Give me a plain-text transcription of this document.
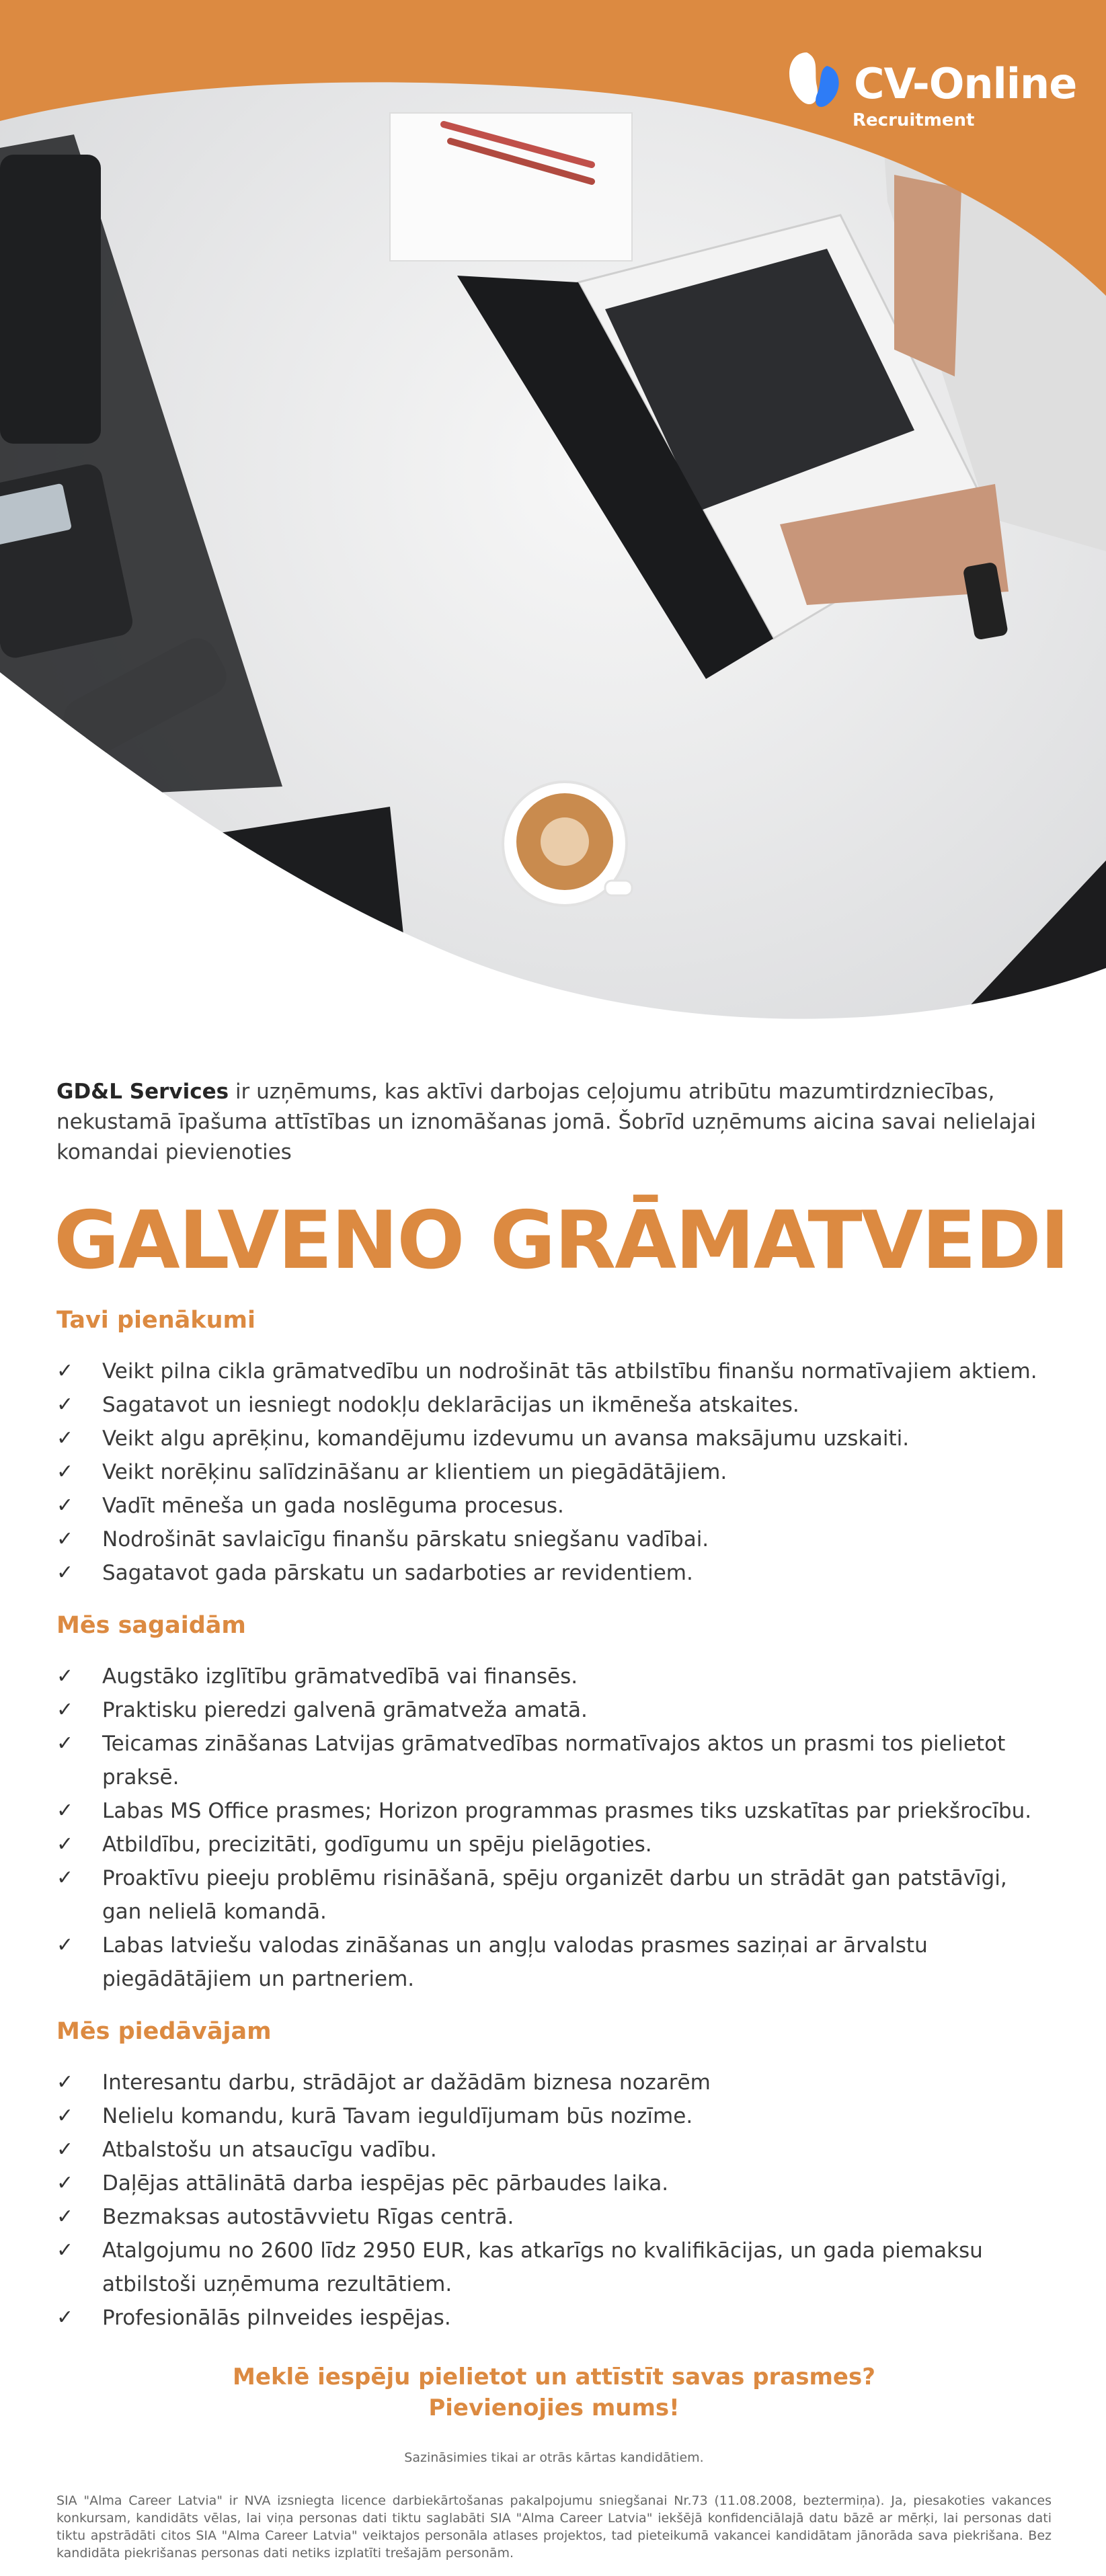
CV-Online
Recruitment

GD&L Services ir uzņēmums, kas aktīvi darbojas ceļojumu atribūtu mazumtirdzniecības, nekustamā īpašuma attīstības un iznomāšanas jomā. Šobrīd uzņēmums aicina savai nelielajai komandai pievienoties

GALVENO GRĀMATVEDI
Tavi pienākumi
✓	Veikt pilna cikla grāmatvedību un nodrošināt tās atbilstību finanšu normatīvajiem aktiem.
✓	Sagatavot un iesniegt nodokļu deklarācijas un ikmēneša atskaites.
✓	Veikt algu aprēķinu, komandējumu izdevumu un avansa maksājumu uzskaiti.
✓	Veikt norēķinu salīdzināšanu ar klientiem un piegādātājiem.
✓	Vadīt mēneša un gada noslēguma procesus.
✓	Nodrošināt savlaicīgu finanšu pārskatu sniegšanu vadībai.
✓	Sagatavot gada pārskatu un sadarboties ar revidentiem.
Mēs sagaidām
✓	Augstāko izglītību grāmatvedībā vai finansēs.
✓	Praktisku pieredzi galvenā grāmatveža amatā.
✓	Teicamas zināšanas Latvijas grāmatvedības normatīvajos aktos un prasmi tos pielietot praksē.
✓	Labas MS Office prasmes; Horizon programmas prasmes tiks uzskatītas par priekšrocību.
✓	Atbildību, precizitāti, godīgumu un spēju pielāgoties.
✓	Proaktīvu pieeju problēmu risināšanā, spēju organizēt darbu un strādāt gan patstāvīgi, gan nelielā komandā.
✓	Labas latviešu valodas zināšanas un angļu valodas prasmes saziņai ar ārvalstu piegādātājiem un partneriem.
Mēs piedāvājam
✓	Interesantu darbu, strādājot ar dažādām biznesa nozarēm
✓	Nelielu komandu, kurā Tavam ieguldījumam būs nozīme.
✓	Atbalstošu un atsaucīgu vadību.
✓	Daļējas attālinātā darba iespējas pēc pārbaudes laika.
✓	Bezmaksas autostāvvietu Rīgas centrā.
✓	Atalgojumu no 2600 līdz 2950 EUR, kas atkarīgs no kvalifikācijas, un gada piemaksu atbilstoši uzņēmuma rezultātiem.
✓	Profesionālās pilnveides iespējas.
Meklē iespēju pielietot un attīstīt savas prasmes?
Pievienojies mums!
Sazināsimies tikai ar otrās kārtas kandidātiem.
SIA "Alma Career Latvia" ir NVA izsniegta licence darbiekārtošanas pakalpojumu sniegšanai Nr.73 (11.08.2008, beztermiņa). Ja, piesakoties vakances konkursam, kandidāts vēlas, lai viņa personas dati tiktu saglabāti SIA "Alma Career Latvia" iekšējā konfidenciālajā datu bāzē ar mērķi, lai personas dati tiktu apstrādāti citos SIA "Alma Career Latvia" veiktajos personāla atlases projektos, tad pieteikumā vakancei kandidātam jānorāda sava piekrišana. Bez kandidāta piekrišanas personas dati netiks izplatīti trešajām personām.
